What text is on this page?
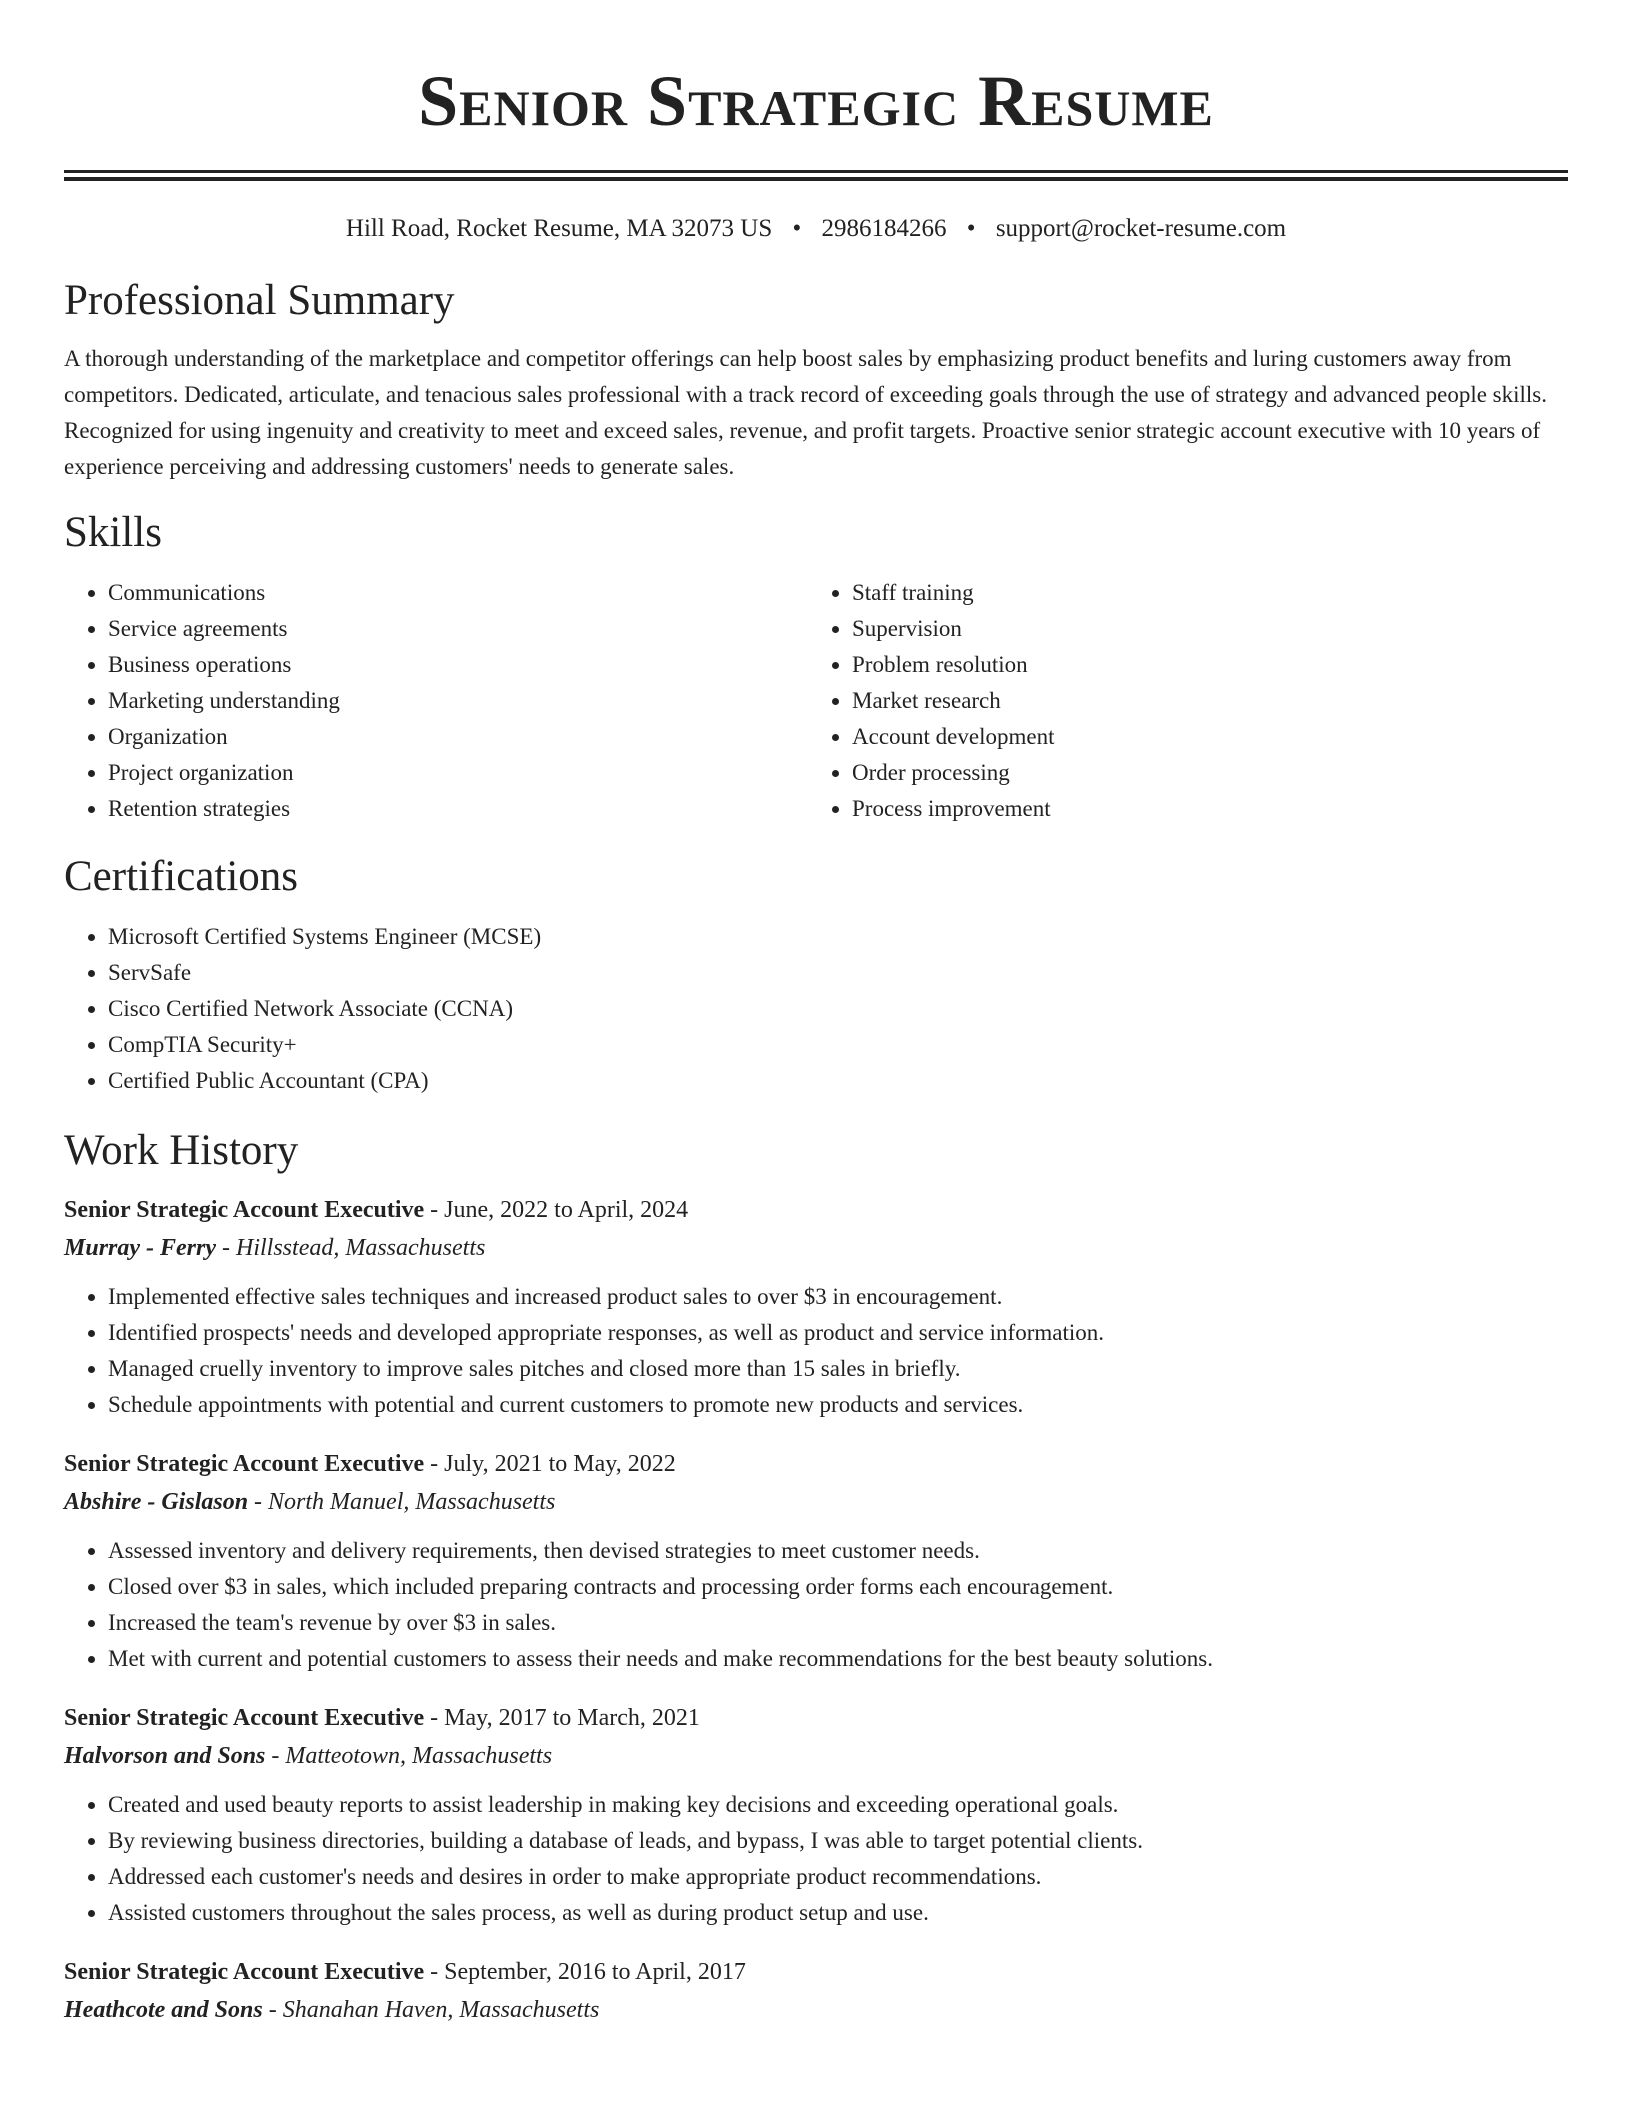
Senior Strategic Resume
Hill Road, Rocket Resume, MA 32073 US • 2986184266 • support@rocket-resume.com
Professional Summary

A thorough understanding of the marketplace and competitor offerings can help boost sales by emphasizing product benefits and luring customers away from competitors. Dedicated, articulate, and tenacious sales professional with a track record of exceeding goals through the use of strategy and advanced people skills. Recognized for using ingenuity and creativity to meet and exceed sales, revenue, and profit targets. Proactive senior strategic account executive with 10 years of experience perceiving and addressing customers' needs to generate sales.

Skills
• Communications
• Service agreements
• Business operations
• Marketing understanding
• Organization
• Project organization
• Retention strategies
• Staff training
• Supervision
• Problem resolution
• Market research
• Account development
• Order processing
• Process improvement
Certifications
• Microsoft Certified Systems Engineer (MCSE)
• ServSafe
• Cisco Certified Network Associate (CCNA)
• CompTIA Security+
• Certified Public Accountant (CPA)
Work History
Senior Strategic Account Executive - June, 2022 to April, 2024
Murray - Ferry - Hillsstead, Massachusetts
• Implemented effective sales techniques and increased product sales to over $3 in encouragement.
• Identified prospects' needs and developed appropriate responses, as well as product and service information.
• Managed cruelly inventory to improve sales pitches and closed more than 15 sales in briefly.
• Schedule appointments with potential and current customers to promote new products and services.
Senior Strategic Account Executive - July, 2021 to May, 2022
Abshire - Gislason - North Manuel, Massachusetts
• Assessed inventory and delivery requirements, then devised strategies to meet customer needs.
• Closed over $3 in sales, which included preparing contracts and processing order forms each encouragement.
• Increased the team's revenue by over $3 in sales.
• Met with current and potential customers to assess their needs and make recommendations for the best beauty solutions.
Senior Strategic Account Executive - May, 2017 to March, 2021
Halvorson and Sons - Matteotown, Massachusetts
• Created and used beauty reports to assist leadership in making key decisions and exceeding operational goals.
• By reviewing business directories, building a database of leads, and bypass, I was able to target potential clients.
• Addressed each customer's needs and desires in order to make appropriate product recommendations.
• Assisted customers throughout the sales process, as well as during product setup and use.
Senior Strategic Account Executive - September, 2016 to April, 2017
Heathcote and Sons - Shanahan Haven, Massachusetts
